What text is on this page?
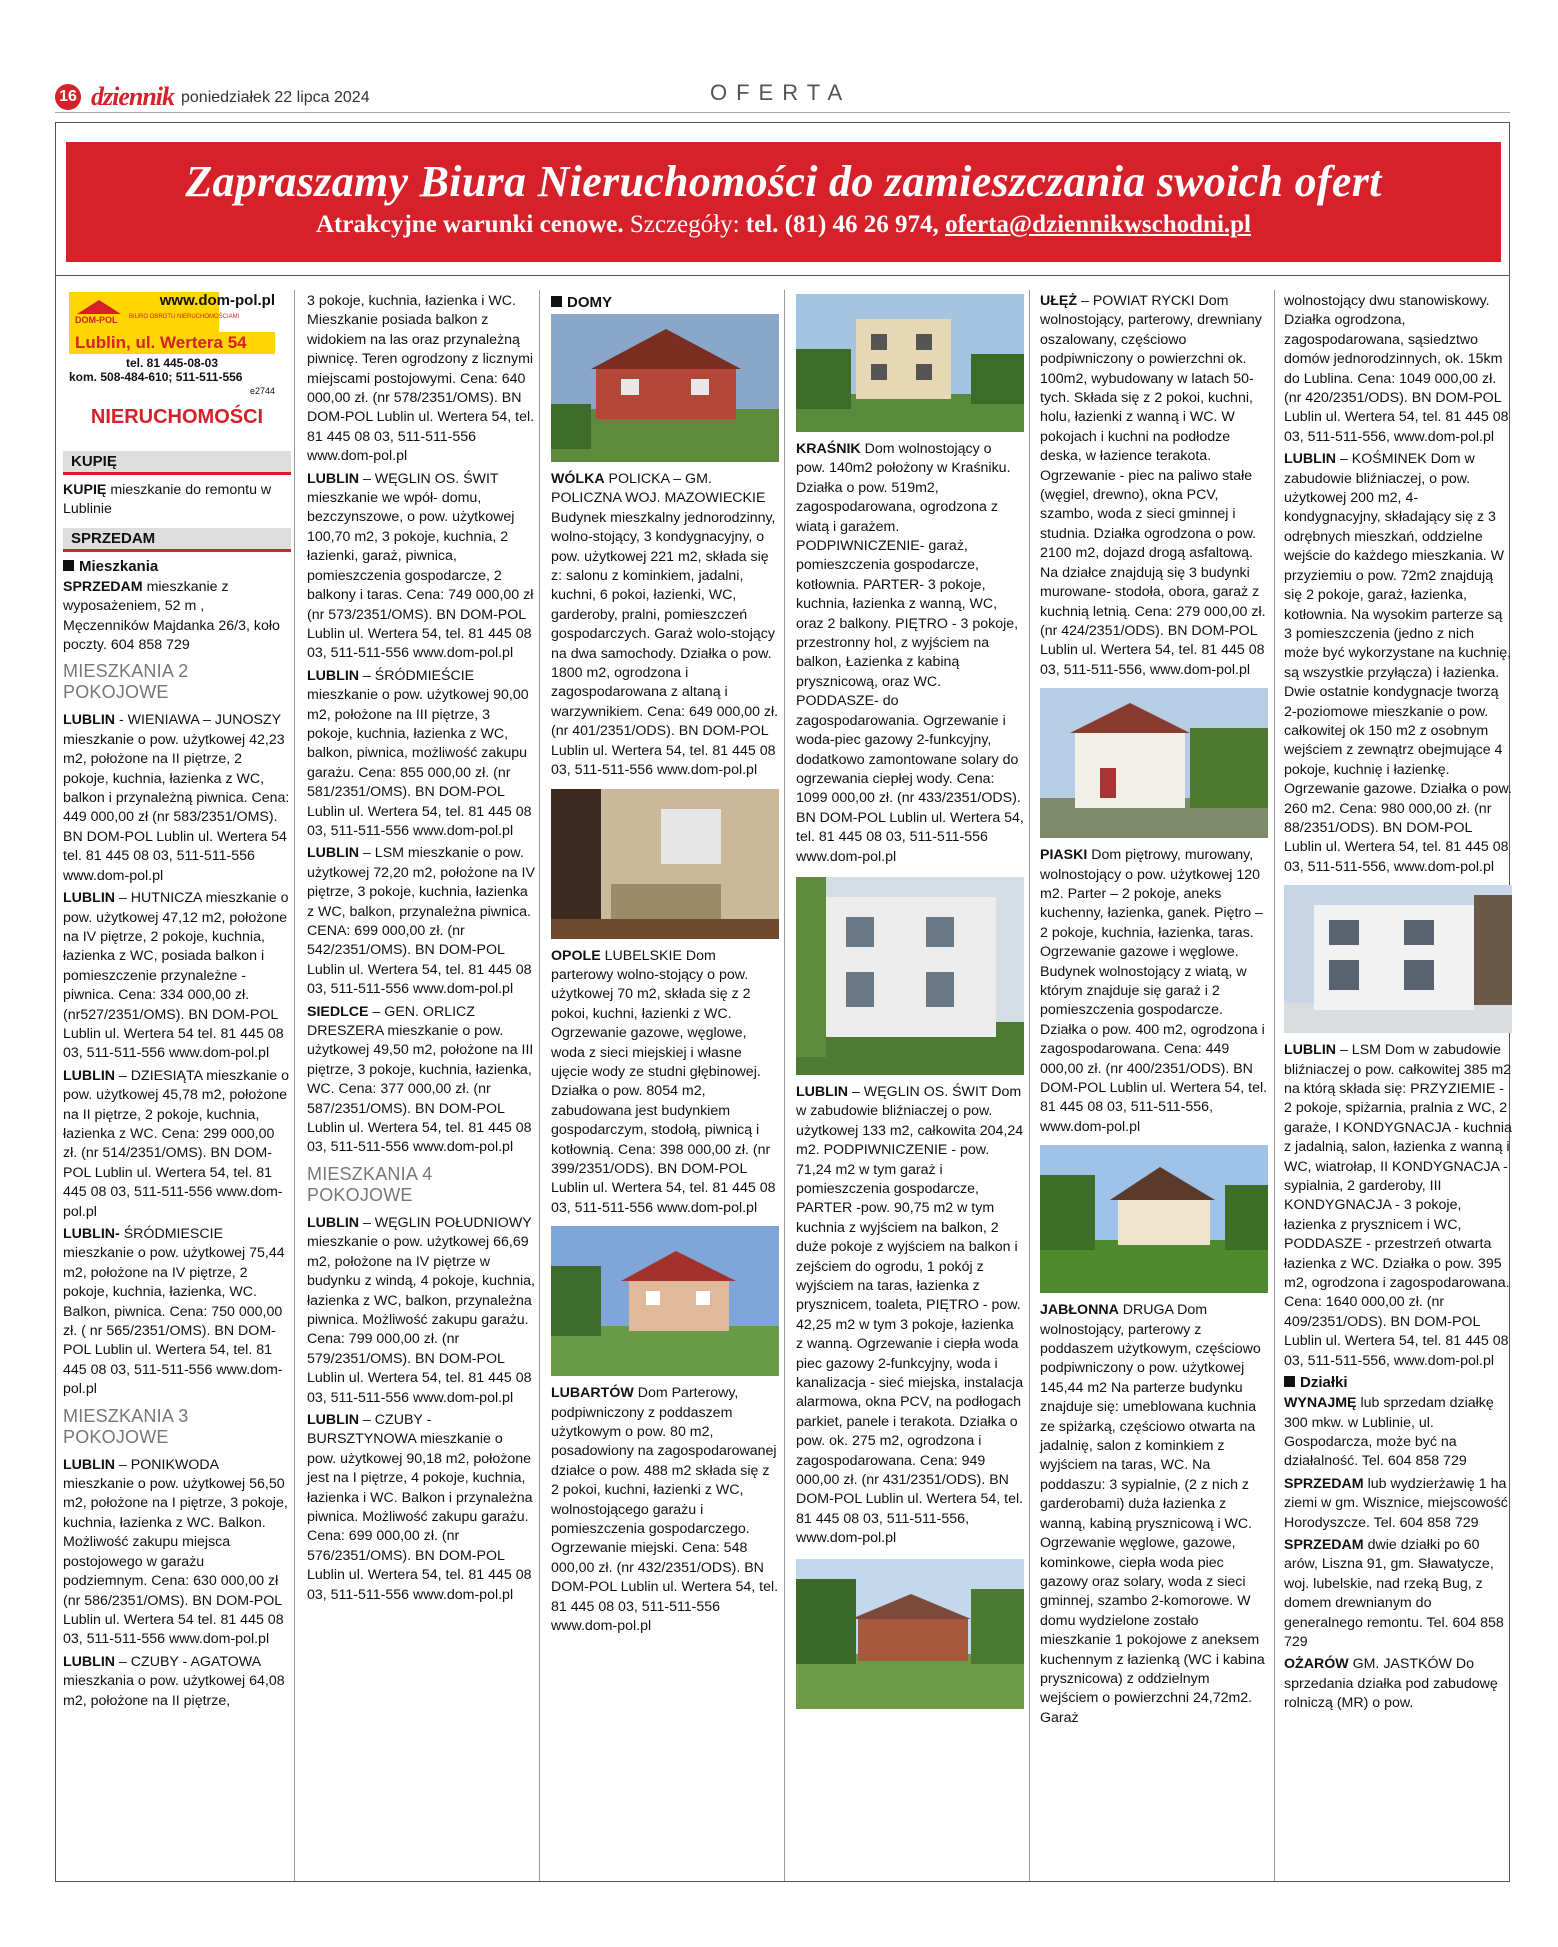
16 dziennik poniedziałek 22 lipca 2024	OFERTA
Zapraszamy Biura Nieruchomości do zamieszczania swoich ofert
Atrakcyjne warunki cenowe. Szczegóły: tel. (81) 46 26 974, oferta@dziennikwschodni.pl
DOM-POL BIURO OBROTU NIERUCHOMOŚCIAMI
www.dom-pol.pl
Lublin, ul. Wertera 54
tel. 81 445-08-03
kom. 508-484-610; 511-511-556
e2744
NIERUCHOMOŚCI
KUPIĘ

KUPIĘ mieszkanie do remontu w Lublinie

SPRZEDAM
Mieszkania

SPRZEDAM mieszkanie z wyposażeniem, 52 m , Męczenników Majdanka 26/3, koło poczty. 604 858 729

MIESZKANIA 2 POKOJOWE

LUBLIN - WIENIAWA – JUNOSZY mieszkanie o pow. użytkowej 42,23 m2, położone na II piętrze, 2 pokoje, kuchnia, łazienka z WC, balkon i przynależną piwnica. Cena: 449 000,00 zł (nr 583/2351/OMS). BN DOM-POL Lublin ul. Wertera 54 tel. 81 445 08 03, 511-511-556 www.dom-pol.pl

LUBLIN – HUTNICZA mieszkanie o pow. użytkowej 47,12 m2, położone na IV piętrze, 2 pokoje, kuchnia, łazienka z WC, posiada balkon i pomieszczenie przynależne - piwnica. Cena: 334 000,00 zł. (nr527/2351/OMS). BN DOM-POL Lublin ul. Wertera 54 tel. 81 445 08 03, 511-511-556 www.dom-pol.pl

LUBLIN – DZIESIĄTA mieszkanie o pow. użytkowej 45,78 m2, położone na II piętrze, 2 pokoje, kuchnia, łazienka z WC. Cena: 299 000,00 zł. (nr 514/2351/OMS). BN DOM-POL Lublin ul. Wertera 54, tel. 81 445 08 03, 511-511-556 www.dom-pol.pl

LUBLIN- ŚRÓDMIESCIE mieszkanie o pow. użytkowej 75,44 m2, położone na IV piętrze, 2 pokoje, kuchnia, łazienka, WC. Balkon, piwnica. Cena: 750 000,00 zł. ( nr 565/2351/OMS). BN DOM-POL Lublin ul. Wertera 54, tel. 81 445 08 03, 511-511-556 www.dom-pol.pl

MIESZKANIA 3 POKOJOWE

LUBLIN – PONIKWODA mieszkanie o pow. użytkowej 56,50 m2, położone na I piętrze, 3 pokoje, kuchnia, łazienka z WC. Balkon. Możliwość zakupu miejsca postojowego w garażu podziemnym. Cena: 630 000,00 zł (nr 586/2351/OMS). BN DOM-POL Lublin ul. Wertera 54 tel. 81 445 08 03, 511-511-556 www.dom-pol.pl

LUBLIN – CZUBY - AGATOWA mieszkania o pow. użytkowej 64,08 m2, położone na II piętrze,

3 pokoje, kuchnia, łazienka i WC. Mieszkanie posiada balkon z widokiem na las oraz przynależną piwnicę. Teren ogrodzony z licznymi miejscami postojowymi. Cena: 640 000,00 zł. (nr 578/2351/OMS). BN DOM-POL Lublin ul. Wertera 54, tel. 81 445 08 03, 511-511-556 www.dom-pol.pl

LUBLIN – WĘGLIN OS. ŚWIT mieszkanie we wpół- domu, bezczynszowe, o pow. użytkowej 100,70 m2, 3 pokoje, kuchnia, 2 łazienki, garaż, piwnica, pomieszczenia gospodarcze, 2 balkony i taras. Cena: 749 000,00 zł (nr 573/2351/OMS). BN DOM-POL Lublin ul. Wertera 54, tel. 81 445 08 03, 511-511-556 www.dom-pol.pl

LUBLIN – ŚRÓDMIEŚCIE mieszkanie o pow. użytkowej 90,00 m2, położone na III piętrze, 3 pokoje, kuchnia, łazienka z WC, balkon, piwnica, możliwość zakupu garażu. Cena: 855 000,00 zł. (nr 581/2351/OMS). BN DOM-POL Lublin ul. Wertera 54, tel. 81 445 08 03, 511-511-556 www.dom-pol.pl

LUBLIN – LSM mieszkanie o pow. użytkowej 72,20 m2, położone na IV piętrze, 3 pokoje, kuchnia, łazienka z WC, balkon, przynależna piwnica. CENA: 699 000,00 zł. (nr 542/2351/OMS). BN DOM-POL Lublin ul. Wertera 54, tel. 81 445 08 03, 511-511-556 www.dom-pol.pl

SIEDLCE – GEN. ORLICZ DRESZERA mieszkanie o pow. użytkowej 49,50 m2, położone na III piętrze, 3 pokoje, kuchnia, łazienka, WC. Cena: 377 000,00 zł. (nr 587/2351/OMS). BN DOM-POL Lublin ul. Wertera 54, tel. 81 445 08 03, 511-511-556 www.dom-pol.pl

MIESZKANIA 4 POKOJOWE

LUBLIN – WĘGLIN POŁUDNIOWY mieszkanie o pow. użytkowej 66,69 m2, położone na IV piętrze w budynku z windą, 4 pokoje, kuchnia, łazienka z WC, balkon, przynależna piwnica. Możliwość zakupu garażu. Cena: 799 000,00 zł. (nr 579/2351/OMS). BN DOM-POL Lublin ul. Wertera 54, tel. 81 445 08 03, 511-511-556 www.dom-pol.pl

LUBLIN – CZUBY - BURSZTYNOWA mieszkanie o pow. użytkowej 90,18 m2, położone jest na I piętrze, 4 pokoje, kuchnia, łazienka i WC. Balkon i przynależna piwnica. Możliwość zakupu garażu. Cena: 699 000,00 zł. (nr 576/2351/OMS). BN DOM-POL Lublin ul. Wertera 54, tel. 81 445 08 03, 511-511-556 www.dom-pol.pl

DOMY

WÓLKA POLICKA – GM. POLICZNA WOJ. MAZOWIECKIE Budynek mieszkalny jednorodzinny, wolno-stojący, 3 kondygnacyjny, o pow. użytkowej 221 m2, składa się z: salonu z kominkiem, jadalni, kuchni, 6 pokoi, łazienki, WC, garderoby, pralni, pomieszczeń gospodarczych. Garaż wolo-stojący na dwa samochody. Działka o pow. 1800 m2, ogrodzona i zagospodarowana z altaną i warzywnikiem. Cena: 649 000,00 zł. (nr 401/2351/ODS). BN DOM-POL Lublin ul. Wertera 54, tel. 81 445 08 03, 511-511-556 www.dom-pol.pl

OPOLE LUBELSKIE Dom parterowy wolno-stojący o pow. użytkowej 70 m2, składa się z 2 pokoi, kuchni, łazienki z WC. Ogrzewanie gazowe, węglowe, woda z sieci miejskiej i własne ujęcie wody ze studni głębinowej. Działka o pow. 8054 m2, zabudowana jest budynkiem gospodarczym, stodołą, piwnicą i kotłownią. Cena: 398 000,00 zł. (nr 399/2351/ODS). BN DOM-POL Lublin ul. Wertera 54, tel. 81 445 08 03, 511-511-556 www.dom-pol.pl

LUBARTÓW Dom Parterowy, podpiwniczony z poddaszem użytkowym o pow. 80 m2, posadowiony na zagospodarowanej działce o pow. 488 m2 składa się z 2 pokoi, kuchni, łazienki z WC, wolnostojącego garażu i pomieszczenia gospodarczego. Ogrzewanie miejski. Cena: 548 000,00 zł. (nr 432/2351/ODS). BN DOM-POL Lublin ul. Wertera 54, tel. 81 445 08 03, 511-511-556 www.dom-pol.pl

KRAŚNIK Dom wolnostojący o pow. 140m2 położony w Kraśniku. Działka o pow. 519m2, zagospodarowana, ogrodzona z wiatą i garażem. PODPIWNICZENIE- garaż, pomieszczenia gospodarcze, kotłownia. PARTER- 3 pokoje, kuchnia, łazienka z wanną, WC, oraz 2 balkony. PIĘTRO - 3 pokoje, przestronny hol, z wyjściem na balkon, Łazienka z kabiną prysznicową, oraz WC. PODDASZE- do zagospodarowania. Ogrzewanie i woda-piec gazowy 2-funkcyjny, dodatkowo zamontowane solary do ogrzewania ciepłej wody. Cena: 1099 000,00 zł. (nr 433/2351/ODS). BN DOM-POL Lublin ul. Wertera 54, tel. 81 445 08 03, 511-511-556 www.dom-pol.pl

LUBLIN – WĘGLIN OS. ŚWIT Dom w zabudowie bliźniaczej o pow. użytkowej 133 m2, całkowita 204,24 m2. PODPIWNICZENIE - pow. 71,24 m2 w tym garaż i pomieszczenia gospodarcze, PARTER -pow. 90,75 m2 w tym kuchnia z wyjściem na balkon, 2 duże pokoje z wyjściem na balkon i zejściem do ogrodu, 1 pokój z wyjściem na taras, łazienka z prysznicem, toaleta, PIĘTRO - pow. 42,25 m2 w tym 3 pokoje, łazienka z wanną. Ogrzewanie i ciepła woda piec gazowy 2-funkcyjny, woda i kanalizacja - sieć miejska, instalacja alarmowa, okna PCV, na podłogach parkiet, panele i terakota. Działka o pow. ok. 275 m2, ogrodzona i zagospodarowana. Cena: 949 000,00 zł. (nr 431/2351/ODS). BN DOM-POL Lublin ul. Wertera 54, tel. 81 445 08 03, 511-511-556, www.dom-pol.pl

UŁĘŻ – POWIAT RYCKI Dom wolnostojący, parterowy, drewniany oszalowany, częściowo podpiwniczony o powierzchni ok. 100m2, wybudowany w latach 50-tych. Składa się z 2 pokoi, kuchni, holu, łazienki z wanną i WC. W pokojach i kuchni na podłodze deska, w łazience terakota. Ogrzewanie - piec na paliwo stałe (węgiel, drewno), okna PCV, szambo, woda z sieci gminnej i studnia. Działka ogrodzona o pow. 2100 m2, dojazd drogą asfaltową. Na działce znajdują się 3 budynki murowane- stodoła, obora, garaż z kuchnią letnią. Cena: 279 000,00 zł. (nr 424/2351/ODS). BN DOM-POL Lublin ul. Wertera 54, tel. 81 445 08 03, 511-511-556, www.dom-pol.pl

PIASKI Dom piętrowy, murowany, wolnostojący o pow. użytkowej 120 m2. Parter – 2 pokoje, aneks kuchenny, łazienka, ganek. Piętro – 2 pokoje, kuchnia, łazienka, taras. Ogrzewanie gazowe i węglowe. Budynek wolnostojący z wiatą, w którym znajduje się garaż i 2 pomieszczenia gospodarcze. Działka o pow. 400 m2, ogrodzona i zagospodarowana. Cena: 449 000,00 zł. (nr 400/2351/ODS). BN DOM-POL Lublin ul. Wertera 54, tel. 81 445 08 03, 511-511-556, www.dom-pol.pl

JABŁONNA DRUGA Dom wolnostojący, parterowy z poddaszem użytkowym, częściowo podpiwniczony o pow. użytkowej 145,44 m2 Na parterze budynku znajduje się: umeblowana kuchnia ze spiżarką, częściowo otwarta na jadalnię, salon z kominkiem z wyjściem na taras, WC. Na poddaszu: 3 sypialnie, (2 z nich z garderobami) duża łazienka z wanną, kabiną prysznicową i WC. Ogrzewanie węglowe, gazowe, kominkowe, ciepła woda piec gazowy oraz solary, woda z sieci gminnej, szambo 2-komorowe. W domu wydzielone zostało mieszkanie 1 pokojowe z aneksem kuchennym z łazienką (WC i kabina prysznicowa) z oddzielnym wejściem o powierzchni 24,72m2. Garaż

wolnostojący dwu stanowiskowy. Działka ogrodzona, zagospodarowana, sąsiedztwo domów jednorodzinnych, ok. 15km do Lublina. Cena: 1049 000,00 zł. (nr 420/2351/ODS). BN DOM-POL Lublin ul. Wertera 54, tel. 81 445 08 03, 511-511-556, www.dom-pol.pl

LUBLIN – KOŚMINEK Dom w zabudowie bliźniaczej, o pow. użytkowej 200 m2, 4-kondygnacyjny, składający się z 3 odrębnych mieszkań, oddzielne wejście do każdego mieszkania. W przyziemiu o pow. 72m2 znajdują się 2 pokoje, garaż, łazienka, kotłownia. Na wysokim parterze są 3 pomieszczenia (jedno z nich może być wykorzystane na kuchnię, są wszystkie przyłącza) i łazienka. Dwie ostatnie kondygnacje tworzą 2-poziomowe mieszkanie o pow. całkowitej ok 150 m2 z osobnym wejściem z zewnątrz obejmujące 4 pokoje, kuchnię i łazienkę. Ogrzewanie gazowe. Działka o pow. 260 m2. Cena: 980 000,00 zł. (nr 88/2351/ODS). BN DOM-POL Lublin ul. Wertera 54, tel. 81 445 08 03, 511-511-556, www.dom-pol.pl

LUBLIN – LSM Dom w zabudowie bliźniaczej o pow. całkowitej 385 m2 na którą składa się: PRZYZIEMIE - 2 pokoje, spiżarnia, pralnia z WC, 2 garaże, I KONDYGNACJA - kuchnia z jadalnią, salon, łazienka z wanną i WC, wiatrołap, II KONDYGNACJA - sypialnia, 2 garderoby, III KONDYGNACJA - 3 pokoje, łazienka z prysznicem i WC, PODDASZE - przestrzeń otwarta łazienka z WC. Działka o pow. 395 m2, ogrodzona i zagospodarowana. Cena: 1640 000,00 zł. (nr 409/2351/ODS). BN DOM-POL Lublin ul. Wertera 54, tel. 81 445 08 03, 511-511-556, www.dom-pol.pl

Działki

WYNAJMĘ lub sprzedam działkę 300 mkw. w Lublinie, ul. Gospodarcza, może być na działalność. Tel. 604 858 729

SPRZEDAM lub wydzierżawię 1 ha ziemi w gm. Wisznice, miejscowość Horodyszcze. Tel. 604 858 729

SPRZEDAM dwie działki po 60 arów, Liszna 91, gm. Sławatycze, woj. lubelskie, nad rzeką Bug, z domem drewnianym do generalnego remontu. Tel. 604 858 729

OŻARÓW GM. JASTKÓW Do sprzedania działka pod zabudowę rolniczą (MR) o pow.
